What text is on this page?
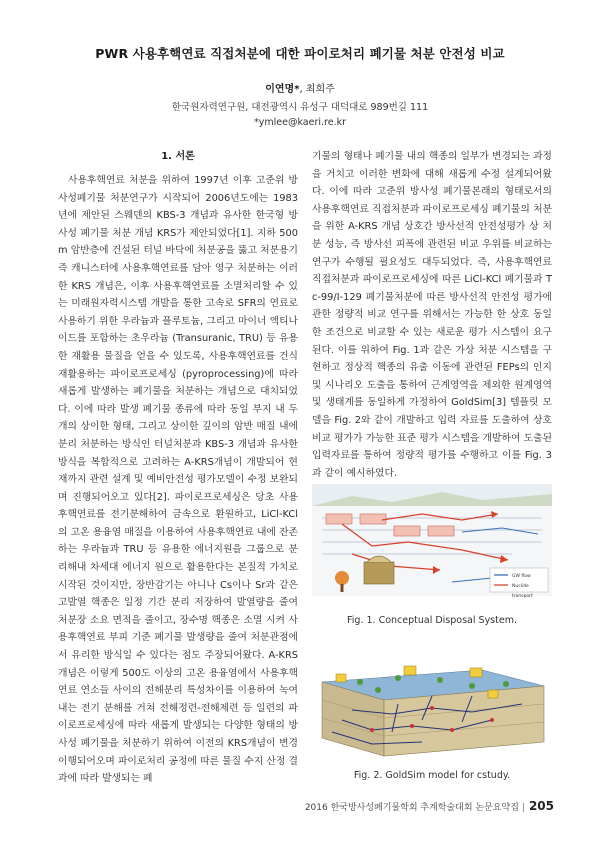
PWR 사용후핵연료 직접처분에 대한 파이로처리 폐기물 처분 안전성 비교
이연명*, 최희주
한국원자력연구원, 대전광역시 유성구 대덕대로 989번길 111
*ymlee@kaeri.re.kr
1. 서론

사용후핵연료 처분을 위하여 1997년 이후 고준위 방사성폐기물 처분연구가 시작되어 2006년도에는 1983년에 제안된 스웨덴의 KBS-3 개념과 유사한 한국형 방사성 폐기물 처분 개념 KRS가 제안되었다[1]. 지하 500 m 암반층에 건설된 터널 바닥에 처분공을 뚫고 처분용기 즉 캐니스터에 사용후핵연료를 담아 영구 처분하는 이러한 KRS 개념은, 이후 사용후핵연료를 소멸처리할 수 있는 미래원자력시스템 개발을 통한 고속로 SFR의 연료로 사용하기 위한 우라늄과 플루토늄, 그리고 마이너 액티나이드를 포함하는 초우라늄 (Transuranic, TRU) 등 유용한 재활용 물질을 얻을 수 있도록, 사용후핵연료를 건식재활용하는 파이로프로세싱 (pyroprocessing)에 따라 새롭게 발생하는 폐기물을 처분하는 개념으로 대치되었다. 이에 따라 발생 폐기물 종류에 따라 동일 부지 내 두 개의 상이한 형태, 그리고 상이한 깊이의 암반 매질 내에 분리 처분하는 방식인 터널처분과 KBS-3 개념과 유사한 방식을 복합적으로 고려하는 A-KRS개념이 개발되어 현재까지 관련 설계 및 예비안전성 평가모델이 수정 보완되며 진행되어오고 있다[2]. 파이로프로세싱은 당초 사용후핵연료를 전기분해하여 금속으로 환원하고, LiCl-KCl의 고온 용융염 매질을 이용하여 사용후핵연료 내에 잔존하는 우라늄과 TRU 등 유용한 에너지원을 그룹으로 분리해내 차세대 에너지 원으로 활용한다는 본질적 가치로 시작된 것이지만, 장반감기는 아니나 Cs이나 Sr과 같은 고발열 핵종은 일정 기간 분리 저장하여 발열량을 줄여 처분장 소요 면적을 줄이고, 장수명 핵종은 소멸 시켜 사용후핵연료 부피 기준 폐기물 발생량을 줄여 처분관점에서 유리한 방식일 수 있다는 점도 주장되어왔다. A-KRS개념은 이렇게 500도 이상의 고온 용융염에서 사용후핵연료 연소들 사이의 전해분리 특성차이를 이용하여 녹여내는 전기 분해를 거쳐 전해정련-전해제련 등 일련의 파이로프로세싱에 따라 새롭게 발생되는 다양한 형태의 방사성 폐기물을 처분하기 위하여 이전의 KRS개념이 변경 이행되어오며 파이로처리 공정에 따른 물질 수지 산정 결과에 따라 발생되는 폐

기물의 형태나 폐기물 내의 핵종의 일부가 변경되는 과정을 거치고 이러한 변화에 대해 새롭게 수정 설계되어왔다. 이에 따라 고준위 방사성 폐기물본래의 형태로서의 사용후핵연료 직접처분과 파이로프로세싱 폐기물의 처분을 위한 A-KRS 개념 상호간 방사선적 안전성평가 상 처분 성능, 즉 방사선 피폭에 관련된 비교 우위를 비교하는 연구가 수행될 필요성도 대두되었다. 즉, 사용후핵연료 직접처분과 파이로프로세싱에 따른 LiCl-KCl 폐기물과 Tc-99/I-129 폐기물처분에 따른 방사선적 안전성 평가에 관한 정량적 비교 연구를 위해서는 가능한 한 상호 동일한 조건으로 비교할 수 있는 새로운 평가 시스템이 요구된다. 이를 위하여 Fig. 1과 같은 가상 처분 시스템을 구현하고 정상적 핵종의 유출 이동에 관련된 FEPs의 인지 및 시나리오 도출을 통하여 근계영역을 제외한 원계영역 및 생태계를 동일하게 가정하여 GoldSim[3] 템플릿 모델을 Fig. 2와 같이 개발하고 입력 자료를 도출하여 상호 비교 평가가 가능한 표준 평가 시스템을 개발하여 도출된 입력자료를 통하여 정량적 평가를 수행하고 이를 Fig. 3과 같이 예시하였다.

GW flow
Nuclide transport
Fig. 1. Conceptual Disposal System.
Fig. 2. GoldSim model for cstudy.
2016 한국방사성폐기물학회 추계학술대회 논문요약집 | 205
